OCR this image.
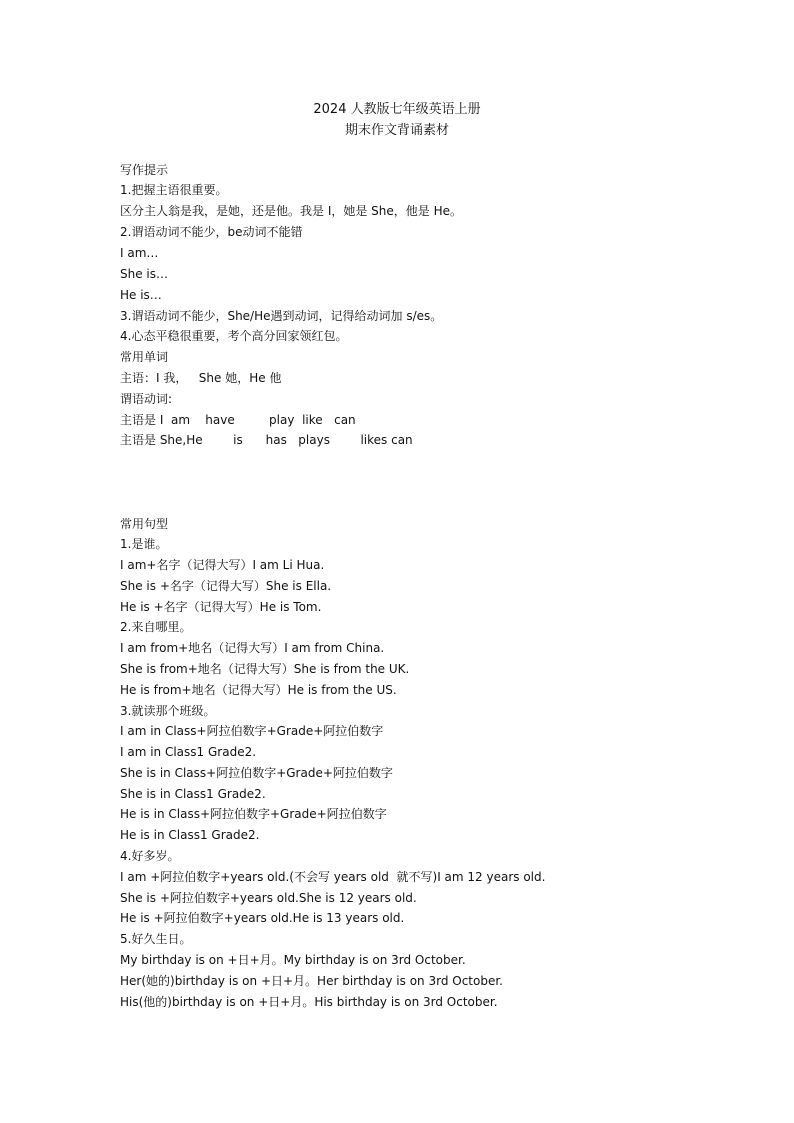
2024 人教版七年级英语上册
期末作文背诵素材
写作提示
1.把握主语很重要。
区分主人翁是我，是她，还是他。我是 I，她是 She，他是 He。
2.谓语动词不能少，be动词不能错
I am…
She is…
He is…
3.谓语动词不能少，She/He遇到动词，记得给动词加 s/es。
4.心态平稳很重要，考个高分回家领红包。
常用单词
主语：I 我，   She 她，He 他
谓语动词:
主语是 I  am    have         play  like   can
主语是 She,He        is      has   plays        likes can
常用句型
1.是谁。
I am+名字（记得大写）I am Li Hua.
She is +名字（记得大写）She is Ella.
He is +名字（记得大写）He is Tom.
2.来自哪里。
I am from+地名（记得大写）I am from China.
She is from+地名（记得大写）She is from the UK.
He is from+地名（记得大写）He is from the US.
3.就读那个班级。
I am in Class+阿拉伯数字+Grade+阿拉伯数字
I am in Class1 Grade2.
She is in Class+阿拉伯数字+Grade+阿拉伯数字
She is in Class1 Grade2.
He is in Class+阿拉伯数字+Grade+阿拉伯数字
He is in Class1 Grade2.
4.好多岁。
I am +阿拉伯数字+years old.(不会写 years old  就不写)I am 12 years old.
She is +阿拉伯数字+years old.She is 12 years old.
He is +阿拉伯数字+years old.He is 13 years old.
5.好久生日。
My birthday is on +日+月。My birthday is on 3rd October.
Her(她的)birthday is on +日+月。Her birthday is on 3rd October.
His(他的)birthday is on +日+月。His birthday is on 3rd October.
